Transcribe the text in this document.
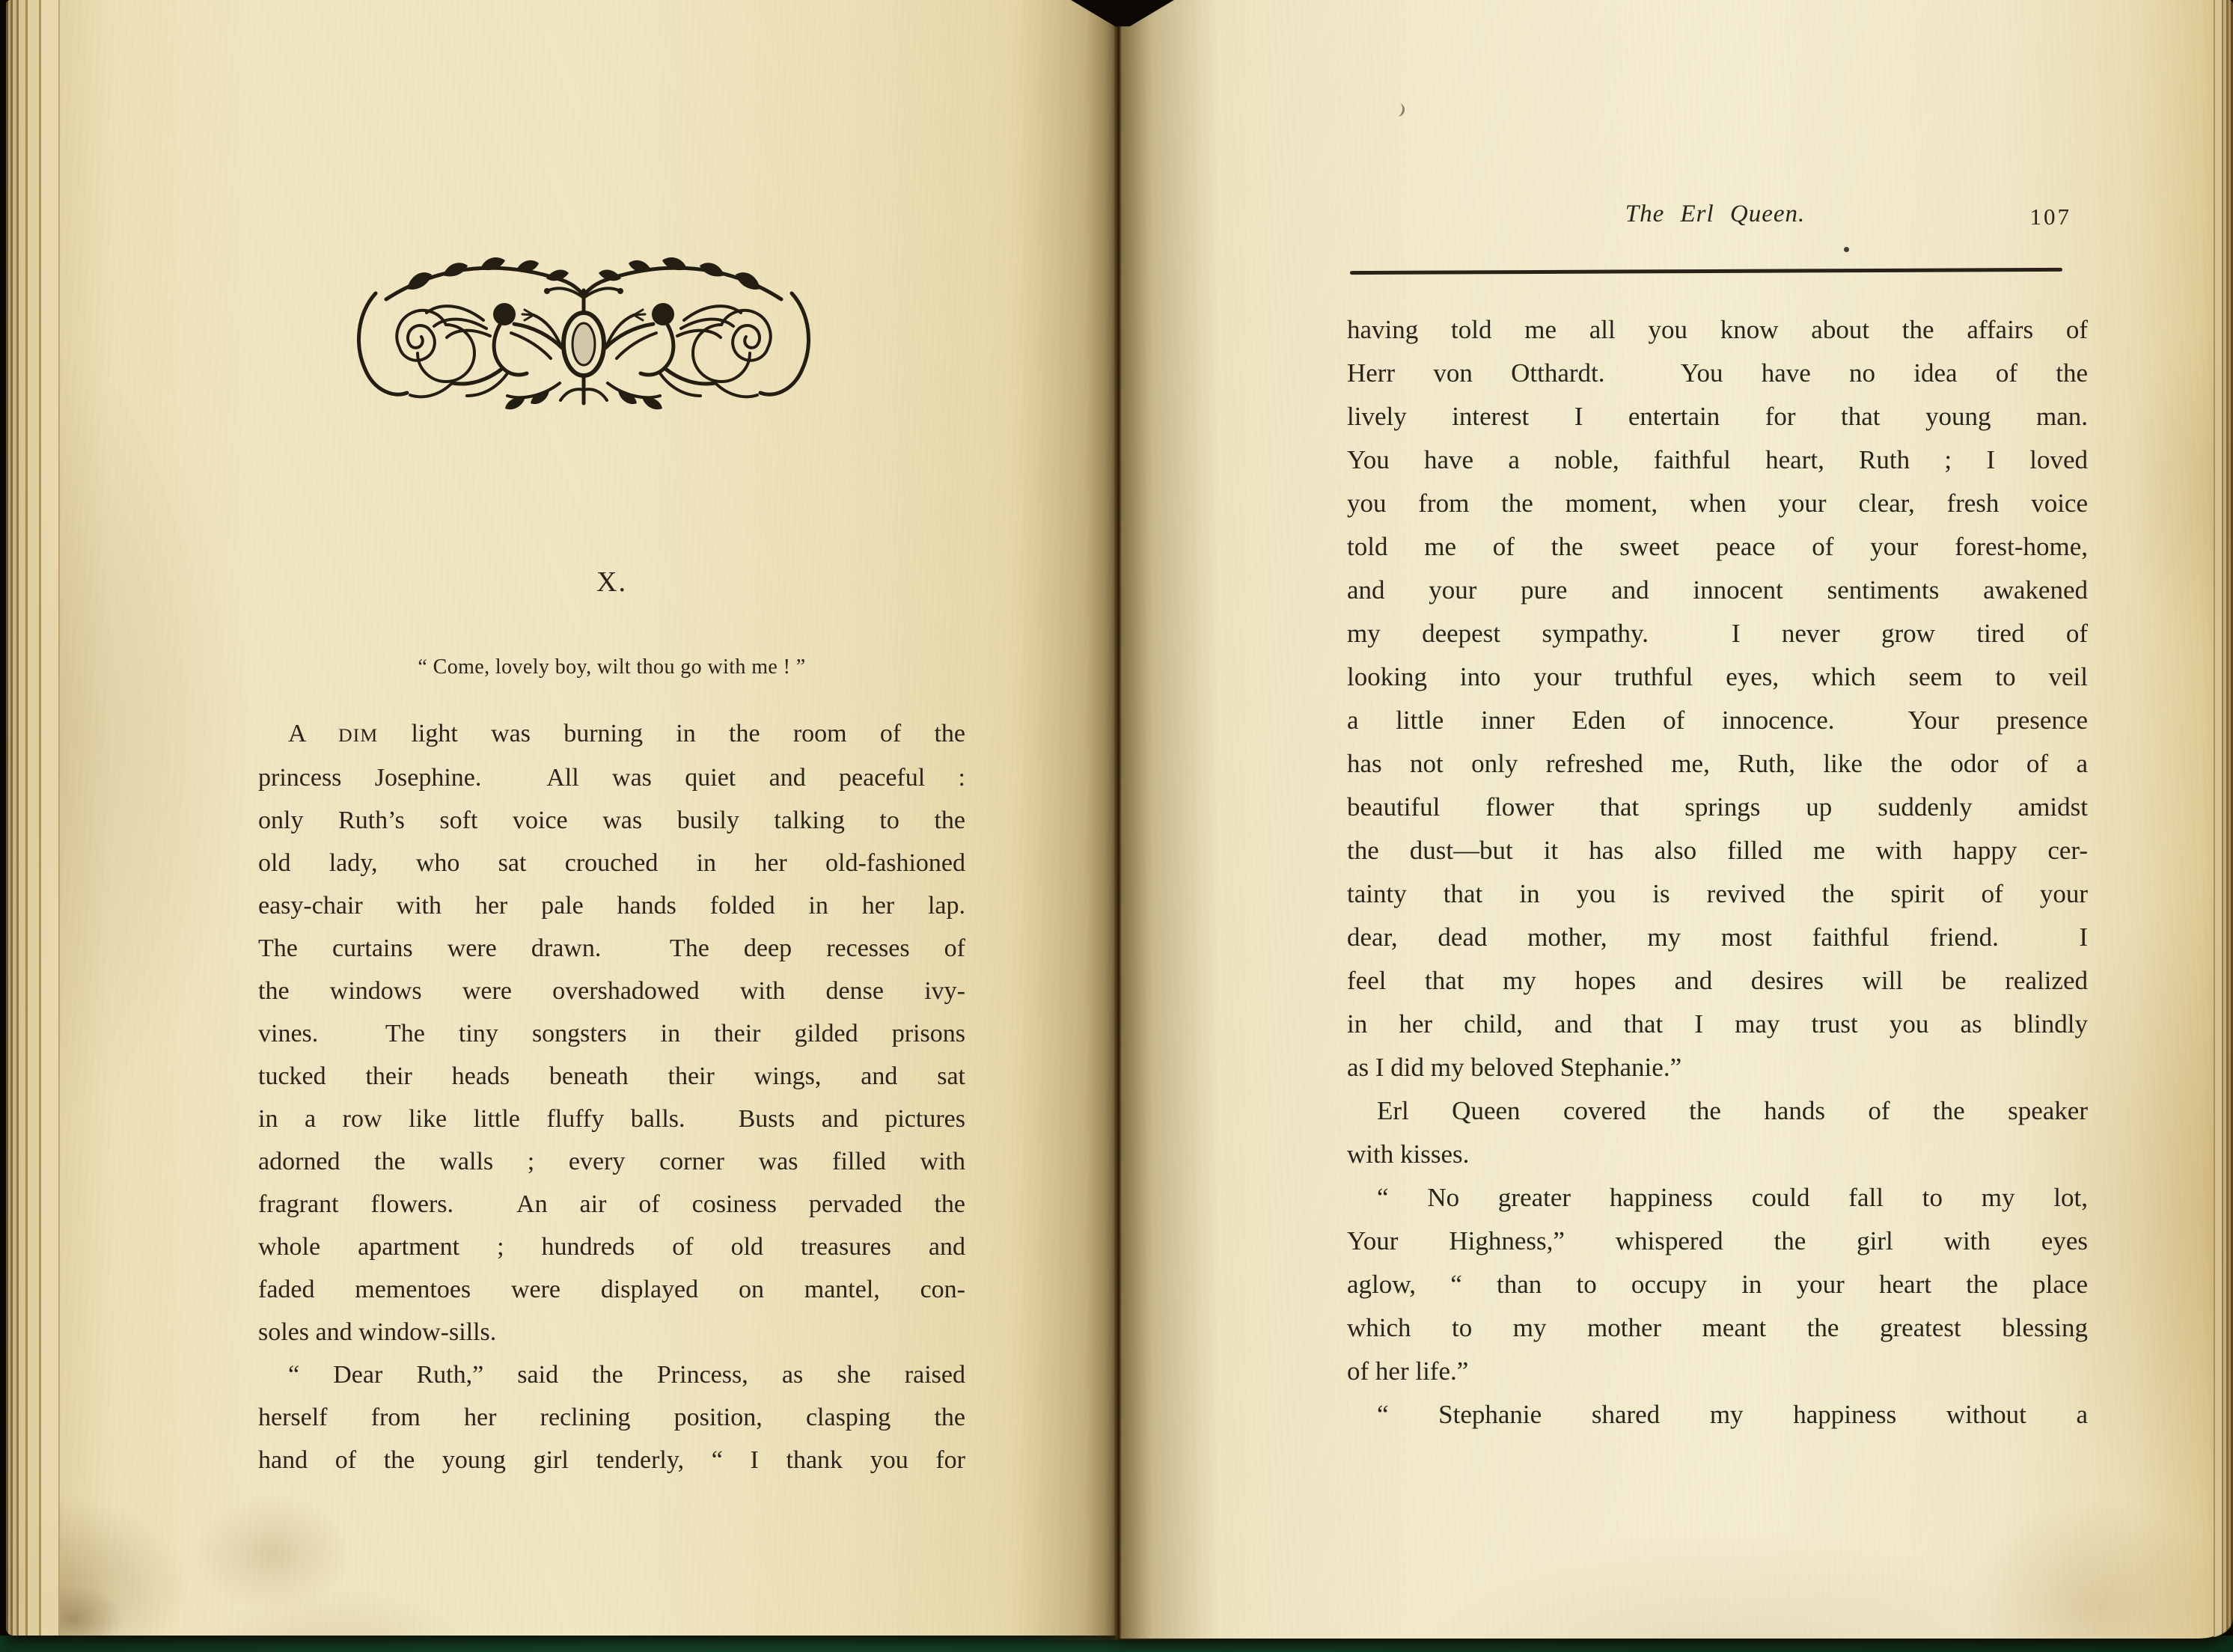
X.
“ Come, lovely boy, wilt thou go with me ! ”
A DIM light was burning in the room of the
princess Josephine.  All was quiet and peaceful :
only Ruth’s soft voice was busily talking to the
old lady, who sat crouched in her old-fashioned
easy-chair with her pale hands folded in her lap.
The curtains were drawn.  The deep recesses of
the windows were overshadowed with dense ivy-
vines.  The tiny songsters in their gilded prisons
tucked their heads beneath their wings, and sat
in a row like little fluffy balls.  Busts and pictures
adorned the walls ; every corner was filled with
fragrant flowers.  An air of cosiness pervaded the
whole apartment ; hundreds of old treasures and
faded mementoes were displayed on mantel, con-
soles and window-sills.
“ Dear Ruth,” said the Princess, as she raised
herself from her reclining position, clasping the
hand of the young girl tenderly, “ I thank you for
The Erl Queen.	107
having told me all you know about the affairs of
Herr von Otthardt.  You have no idea of the
lively interest I entertain for that young man.
You have a noble, faithful heart, Ruth ; I loved
you from the moment, when your clear, fresh voice
told me of the sweet peace of your forest-home,
and your pure and innocent sentiments awakened
my deepest sympathy.  I never grow tired of
looking into your truthful eyes, which seem to veil
a little inner Eden of innocence.  Your presence
has not only refreshed me, Ruth, like the odor of a
beautiful flower that springs up suddenly amidst
the dust—but it has also filled me with happy cer-
tainty that in you is revived the spirit of your
dear, dead mother, my most faithful friend.  I
feel that my hopes and desires will be realized
in her child, and that I may trust you as blindly
as I did my beloved Stephanie.”
Erl Queen covered the hands of the speaker
with kisses.
“ No greater happiness could fall to my lot,
Your Highness,” whispered the girl with eyes
aglow, “ than to occupy in your heart the place
which to my mother meant the greatest blessing
of her life.”
“ Stephanie shared my happiness without a
